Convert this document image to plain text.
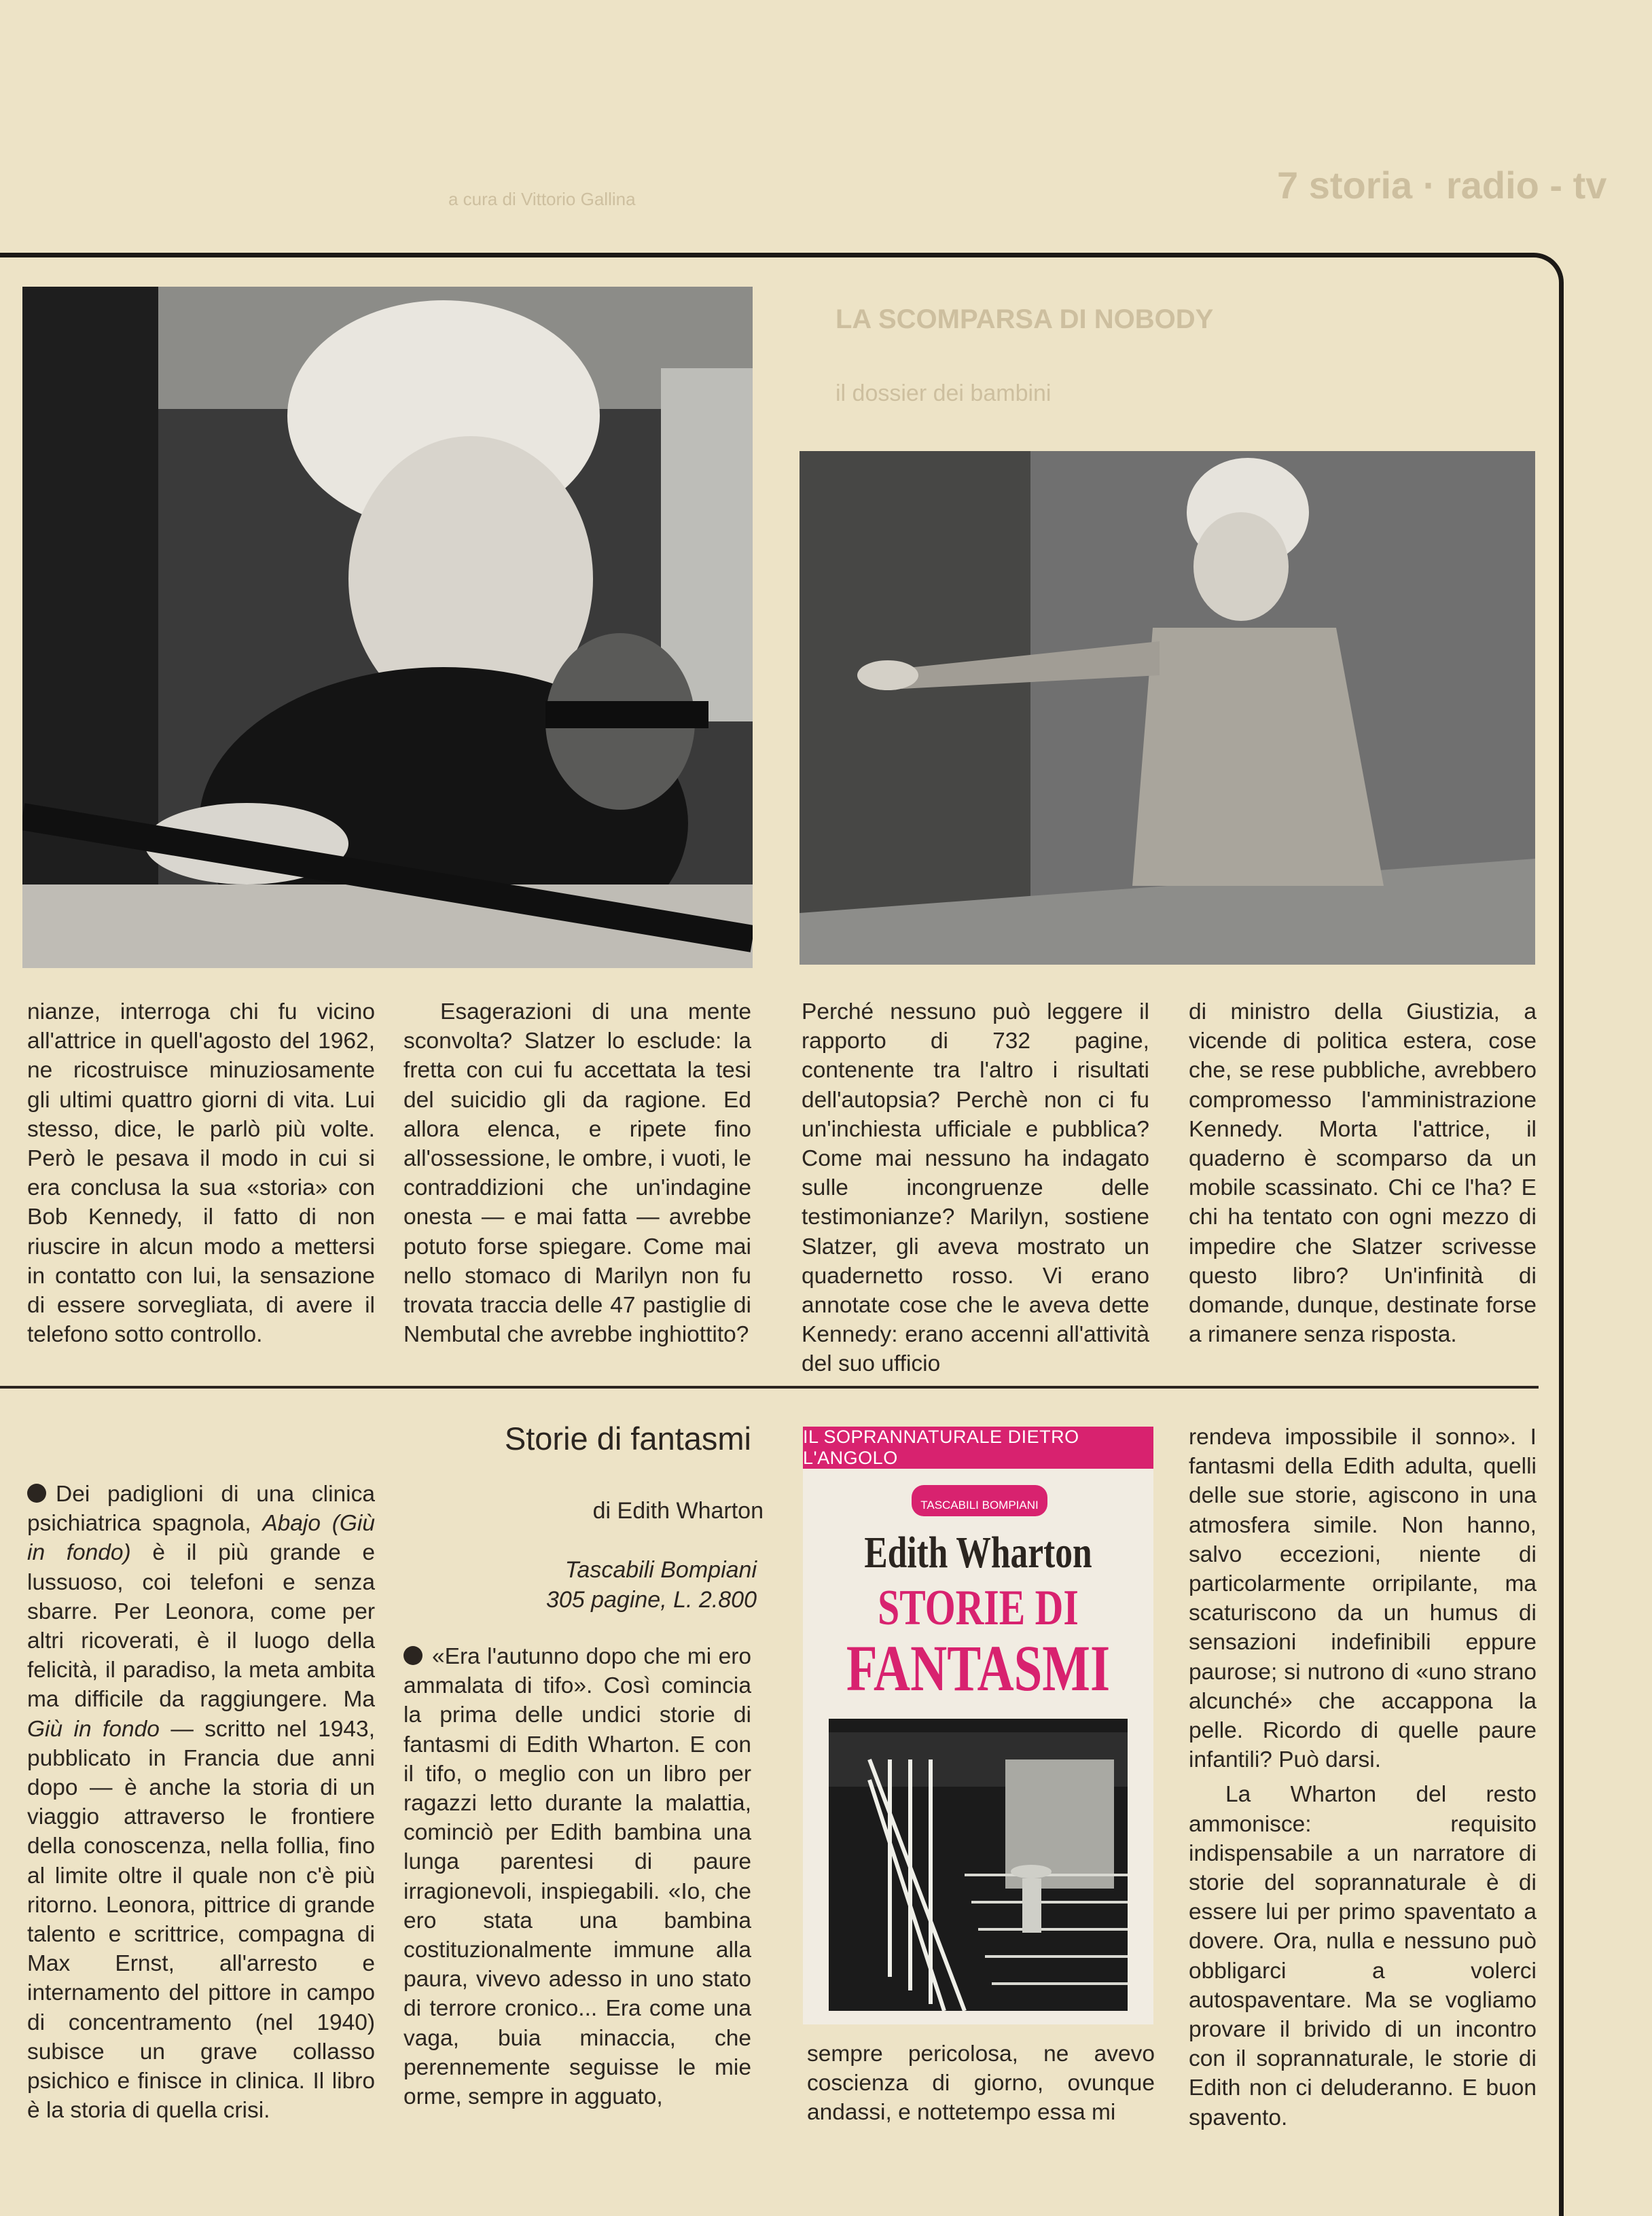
7 storia · radio - tv
a cura di Vittorio Gallina
LA SCOMPARSA DI NOBODY
il dossier dei bambini

nianze, interroga chi fu vicino all'attrice in quell'agosto del 1962, ne ricostruisce minuziosamente gli ultimi quattro giorni di vita. Lui stesso, dice, le parlò più volte. Però le pesava il modo in cui si era conclusa la sua «storia» con Bob Kennedy, il fatto di non riuscire in alcun modo a mettersi in contatto con lui, la sensazione di essere sorvegliata, di avere il telefono sotto controllo.

Esagerazioni di una mente sconvolta? Slatzer lo esclude: la fretta con cui fu accettata la tesi del suicidio gli da ragione. Ed allora elenca, e ripete fino all'ossessione, le ombre, i vuoti, le contraddizioni che un'indagine onesta — e mai fatta — avrebbe potuto forse spiegare. Come mai nello stomaco di Marilyn non fu trovata traccia delle 47 pastiglie di Nembutal che avrebbe inghiottito?

Perché nessuno può leggere il rapporto di 732 pagine, contenente tra l'altro i risultati dell'autopsia? Perchè non ci fu un'inchiesta ufficiale e pubblica? Come mai nessuno ha indagato sulle incongruenze delle testimonianze? Marilyn, sostiene Slatzer, gli aveva mostrato un quadernetto rosso. Vi erano annotate cose che le aveva dette Kennedy: erano accenni all'attività del suo ufficio

di ministro della Giustizia, a vicende di politica estera, cose che, se rese pubbliche, avrebbero compromesso l'amministrazione Kennedy. Morta l'attrice, il quaderno è scomparso da un mobile scassinato. Chi ce l'ha? E chi ha tentato con ogni mezzo di impedire che Slatzer scrivesse questo libro? Un'infinità di domande, dunque, destinate forse a rimanere senza risposta.

Dei padiglioni di una clinica psichiatrica spagnola, Abajo (Giù in fondo) è il più grande e lussuoso, coi telefoni e senza sbarre. Per Leonora, come per altri ricoverati, è il luogo della felicità, il paradiso, la meta ambita ma difficile da raggiungere. Ma Giù in fondo — scritto nel 1943, pubblicato in Francia due anni dopo — è anche la storia di un viaggio attraverso le frontiere della conoscenza, nella follia, fino al limite oltre il quale non c'è più ritorno. Leonora, pittrice di grande talento e scrittrice, compagna di Max Ernst, all'arresto e internamento del pittore in campo di concentramento (nel 1940) subisce un grave collasso psichico e finisce in clinica. Il libro è la storia di quella crisi.

Storie di fantasmi
di Edith Wharton
Tascabili Bompiani
305 pagine, L. 2.800

«Era l'autunno dopo che mi ero ammalata di tifo». Così comincia la prima delle undici storie di fantasmi di Edith Wharton. E con il tifo, o meglio con un libro per ragazzi letto durante la malattia, cominciò per Edith bambina una lunga parentesi di paure irragionevoli, inspiegabili. «Io, che ero stata una bambina costituzionalmente immune alla paura, vivevo adesso in uno stato di terrore cronico... Era come una vaga, buia minaccia, che perennemente seguisse le mie orme, sempre in agguato,

IL SOPRANNATURALE DIETRO L'ANGOLO
TASCABILI BOMPIANI
Edith Wharton
STORIE DI
FANTASMI

sempre pericolosa, ne avevo coscienza di giorno, ovunque andassi, e nottetempo essa mi

rendeva impossibile il sonno». I fantasmi della Edith adulta, quelli delle sue storie, agiscono in una atmosfera simile. Non hanno, salvo eccezioni, niente di particolarmente orripilante, ma scaturiscono da un humus di sensazioni indefinibili eppure paurose; si nutrono di «uno strano alcunché» che accappona la pelle. Ricordo di quelle paure infantili? Può darsi.

La Wharton del resto ammonisce: requisito indispensabile a un narratore di storie del soprannaturale è di essere lui per primo spaventato a dovere. Ora, nulla e nessuno può obbligarci a volerci autospaventare. Ma se vogliamo provare il brivido di un incontro con il soprannaturale, le storie di Edith non ci deluderanno. E buon spavento.
